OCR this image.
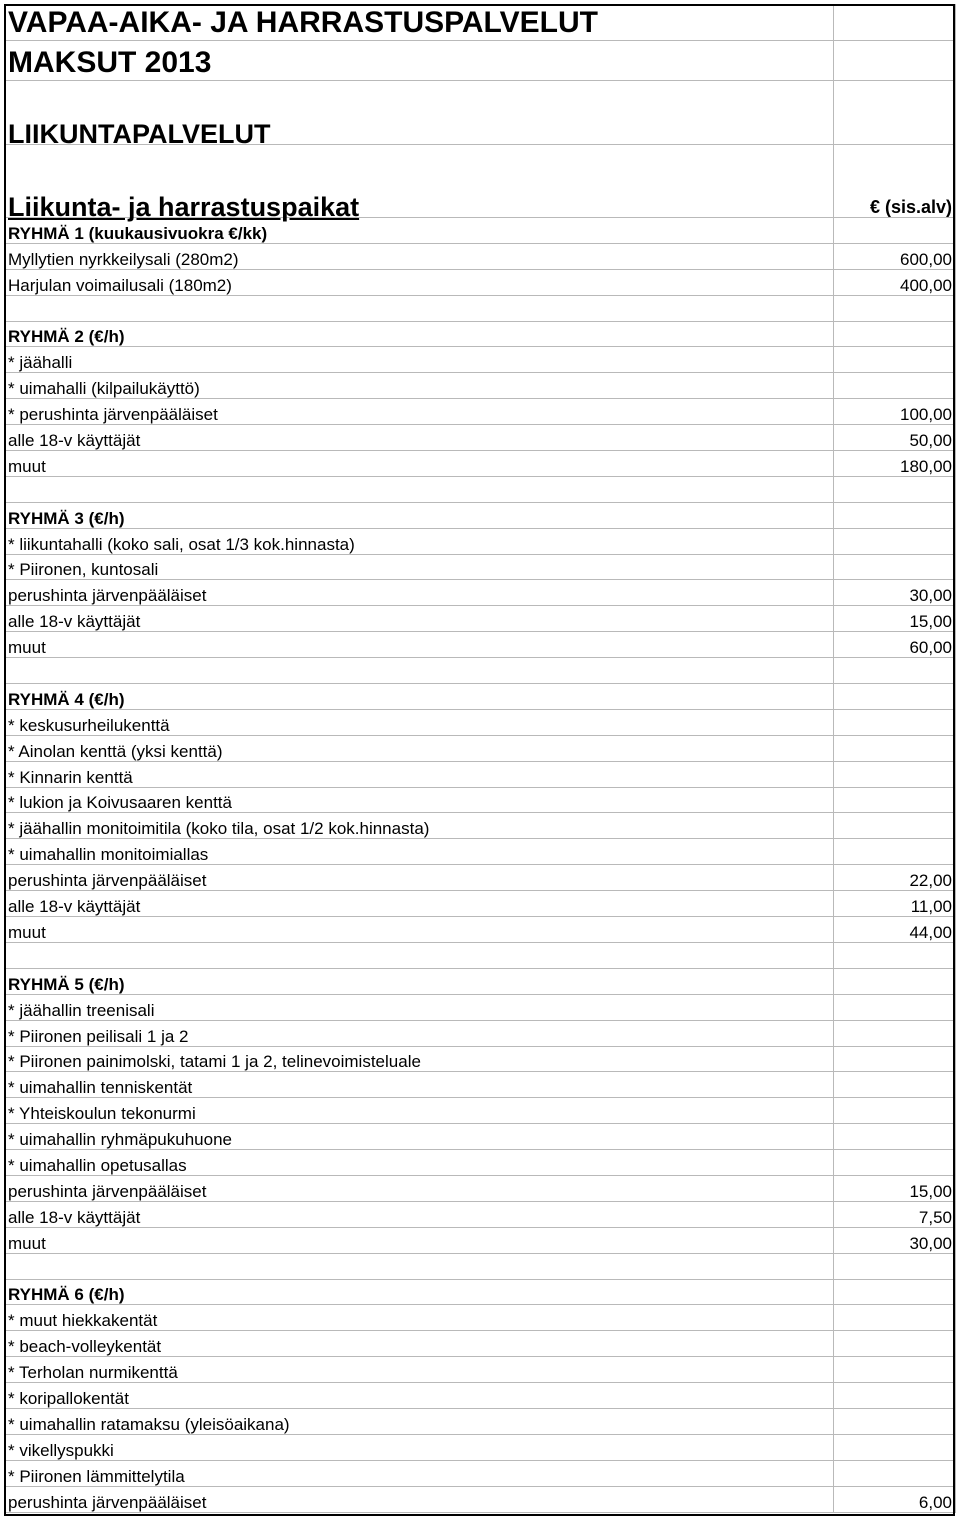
VAPAA-AIKA- JA HARRASTUSPALVELUT	
MAKSUT 2013	
LIIKUNTAPALVELUT	
Liikunta- ja harrastuspaikat	€ (sis.alv)
RYHMÄ 1 (kuukausivuokra €/kk)	
Myllytien nyrkkeilysali (280m2)	600,00
Harjulan voimailusali (180m2)	400,00

RYHMÄ 2 (€/h)	
* jäähalli	
* uimahalli (kilpailukäyttö)	
* perushinta järvenpääläiset	100,00
alle 18-v käyttäjät	50,00
muut	180,00

RYHMÄ 3 (€/h)	
* liikuntahalli (koko sali, osat 1/3 kok.hinnasta)	
* Piironen, kuntosali	
perushinta järvenpääläiset	30,00
alle 18-v käyttäjät	15,00
muut	60,00

RYHMÄ 4 (€/h)	
* keskusurheilukenttä	
* Ainolan kenttä (yksi kenttä)	
* Kinnarin kenttä	
* lukion ja Koivusaaren kenttä	
* jäähallin monitoimitila (koko tila, osat 1/2 kok.hinnasta)	
* uimahallin monitoimiallas	
perushinta järvenpääläiset	22,00
alle 18-v käyttäjät	11,00
muut	44,00

RYHMÄ 5 (€/h)	
* jäähallin treenisali	
* Piironen peilisali 1 ja 2	
* Piironen painimolski, tatami 1 ja 2, telinevoimisteluale	
* uimahallin tenniskentät	
* Yhteiskoulun tekonurmi	
* uimahallin ryhmäpukuhuone	
* uimahallin opetusallas	
perushinta järvenpääläiset	15,00
alle 18-v käyttäjät	7,50
muut	30,00

RYHMÄ 6 (€/h)	
* muut hiekkakentät	
* beach-volleykentät	
* Terholan nurmikenttä	
* koripallokentät	
* uimahallin ratamaksu (yleisöaikana)	
* vikellyspukki	
* Piironen lämmittelytila	
perushinta järvenpääläiset	6,00
